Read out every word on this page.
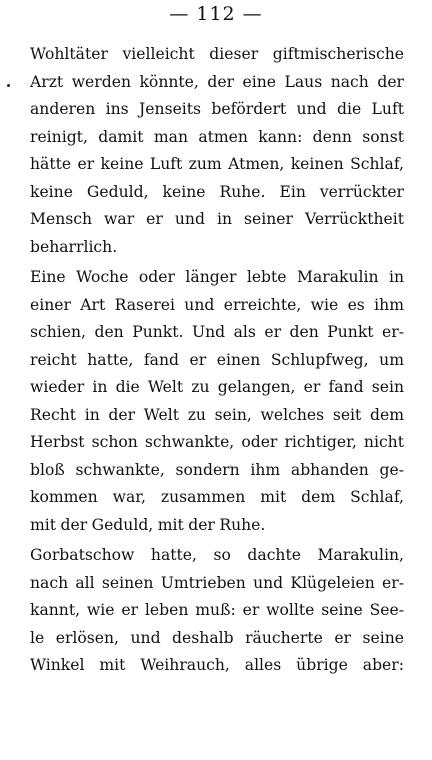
— 112 —

Wohltäter vielleicht dieser giftmischerische
Arzt werden könnte, der eine Laus nach der
anderen ins Jenseits befördert und die Luft
reinigt, damit man atmen kann: denn sonst
hätte er keine Luft zum Atmen, keinen Schlaf,
keine Geduld, keine Ruhe. Ein verrückter
Mensch war er und in seiner Verrücktheit
beharrlich.

Eine Woche oder länger lebte Marakulin in
einer Art Raserei und erreichte, wie es ihm
schien, den Punkt. Und als er den Punkt er-
reicht hatte, fand er einen Schlupfweg, um
wieder in die Welt zu gelangen, er fand sein
Recht in der Welt zu sein, welches seit dem
Herbst schon schwankte, oder richtiger, nicht
bloß schwankte, sondern ihm abhanden ge-
kommen war, zusammen mit dem Schlaf,
mit der Geduld, mit der Ruhe.

Gorbatschow hatte, so dachte Marakulin,
nach all seinen Umtrieben und Klügeleien er-
kannt, wie er leben muß: er wollte seine See-
le erlösen, und deshalb räucherte er seine
Winkel mit Weihrauch, alles übrige aber:
